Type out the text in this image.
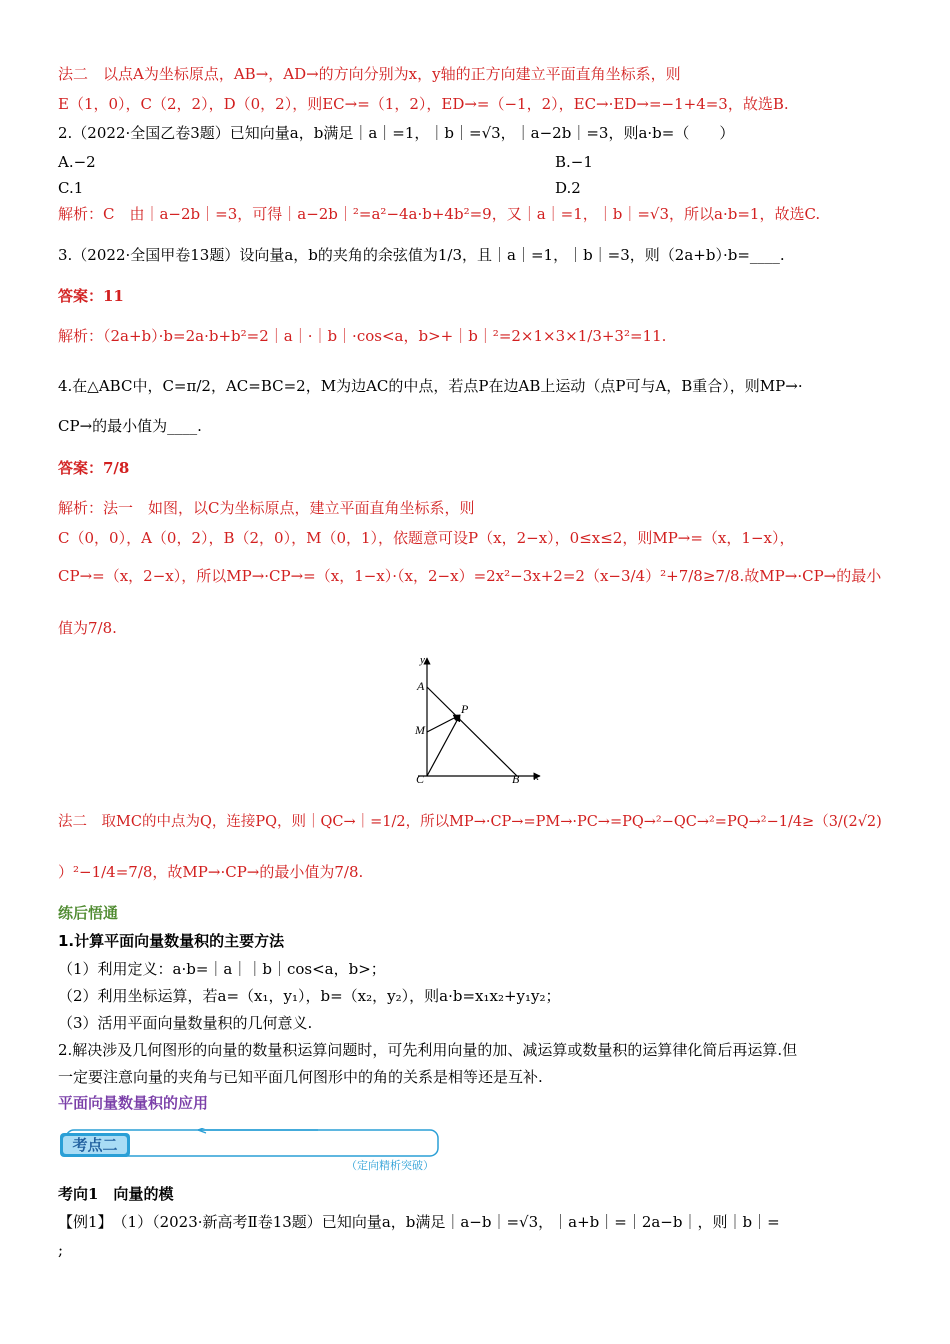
法二　以点A为坐标原点，AB→，AD→的方向分别为x，y轴的正方向建立平面直角坐标系，则
E（1，0），C（2，2），D（0，2），则EC→=（1，2），ED→=（−1，2），EC→·ED→=−1+4=3，故选B.
2.（2022·全国乙卷3题）已知向量a，b满足｜a｜=1，｜b｜=√3，｜a−2b｜=3，则a·b=（　　）
A.−2	B.−1
C.1	D.2
解析：C　由｜a−2b｜=3，可得｜a−2b｜²=a²−4a·b+4b²=9，又｜a｜=1，｜b｜=√3，所以a·b=1，故选C.
3.（2022·全国甲卷13题）设向量a，b的夹角的余弦值为1/3，且｜a｜=1，｜b｜=3，则（2a+b）·b=____.
答案：11
解析：（2a+b）·b=2a·b+b²=2｜a｜·｜b｜·cos<a，b>+｜b｜²=2×1×3×1/3+3²=11.
4.在△ABC中，C=π/2，AC=BC=2，M为边AC的中点，若点P在边AB上运动（点P可与A，B重合），则MP→·
CP→的最小值为____.
答案：7/8
解析：法一　如图，以C为坐标原点，建立平面直角坐标系，则
C（0，0），A（0，2），B（2，0），M（0，1），依题意可设P（x，2−x），0≤x≤2，则MP→=（x，1−x），
CP→=（x，2−x），所以MP→·CP→=（x，1−x）·（x，2−x）=2x²−3x+2=2（x−3/4）²+7/8≥7/8.故MP→·CP→的最小
值为7/8.
y
x
A
M
P
C	B
法二　取MC的中点为Q，连接PQ，则｜QC→｜=1/2，所以MP→·CP→=PM→·PC→=PQ→²−QC→²=PQ→²−1/4≥（3/(2√2)
）²−1/4=7/8，故MP→·CP→的最小值为7/8.
练后悟通
1.计算平面向量数量积的主要方法
（1）利用定义：a·b=｜a｜｜b｜cos<a，b>；
（2）利用坐标运算，若a=（x₁，y₁），b=（x₂，y₂），则a·b=x₁x₂+y₁y₂；
（3）活用平面向量数量积的几何意义.
2.解决涉及几何图形的向量的数量积运算问题时，可先利用向量的加、减运算或数量积的运算律化简后再运算.但
一定要注意向量的夹角与已知平面几何图形中的角的关系是相等还是互补.
平面向量数量积的应用
考点二
（定向精析突破）
考向1　向量的模
【例1】　（1）（2023·新高考Ⅱ卷13题）已知向量a，b满足｜a−b｜=√3，｜a+b｜=｜2a−b｜，则｜b｜=
;
